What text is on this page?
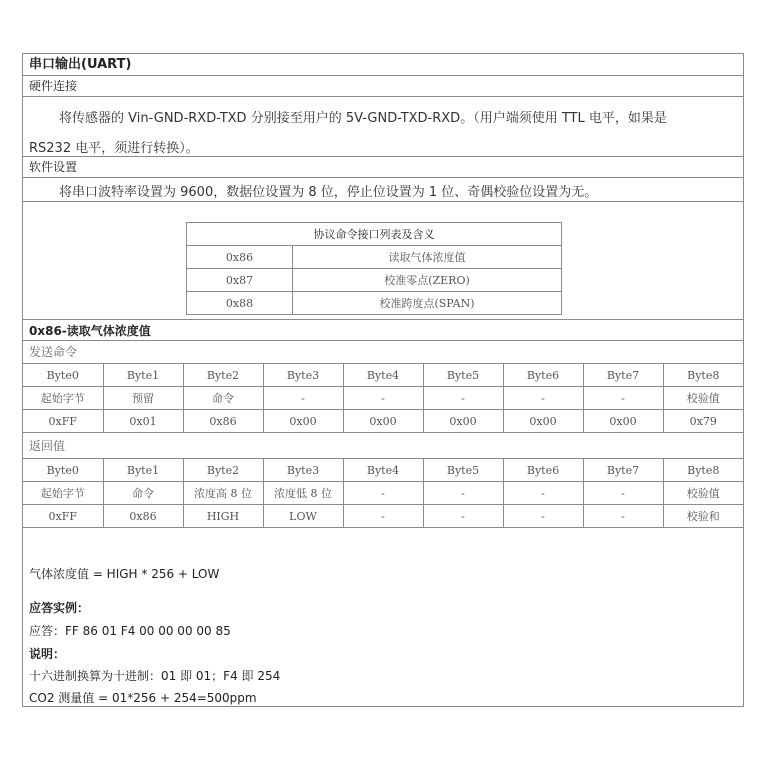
串口输出(UART)
硬件连接
将传感器的 Vin-GND-RXD-TXD 分别接至用户的 5V-GND-TXD-RXD。（用户端须使用 TTL 电平，如果是
RS232 电平，须进行转换）。
软件设置
将串口波特率设置为 9600，数据位设置为 8 位，停止位设置为 1 位、奇偶校验位设置为无。
协议命令接口列表及含义	
0x86	读取气体浓度值
0x87	校准零点(ZERO)
0x88	校准跨度点(SPAN)
0x86-读取气体浓度值
发送命令
Byte0	Byte1	Byte2	Byte3	Byte4	Byte5	Byte6	Byte7	Byte8
起始字节	预留	命令	-	-	-	-	-	校验值
0xFF	0x01	0x86	0x00	0x00	0x00	0x00	0x00	0x79
返回值
Byte0	Byte1	Byte2	Byte3	Byte4	Byte5	Byte6	Byte7	Byte8
起始字节	命令	浓度高 8 位	浓度低 8 位	-	-	-	-	校验值
0xFF	0x86	HIGH	LOW	-	-	-	-	校验和
气体浓度值 = HIGH * 256 + LOW
应答实例：
应答：FF 86 01 F4 00 00 00 00 85
说明：
十六进制换算为十进制：01 即 01；F4 即 254
CO2 测量值 = 01*256 + 254=500ppm
